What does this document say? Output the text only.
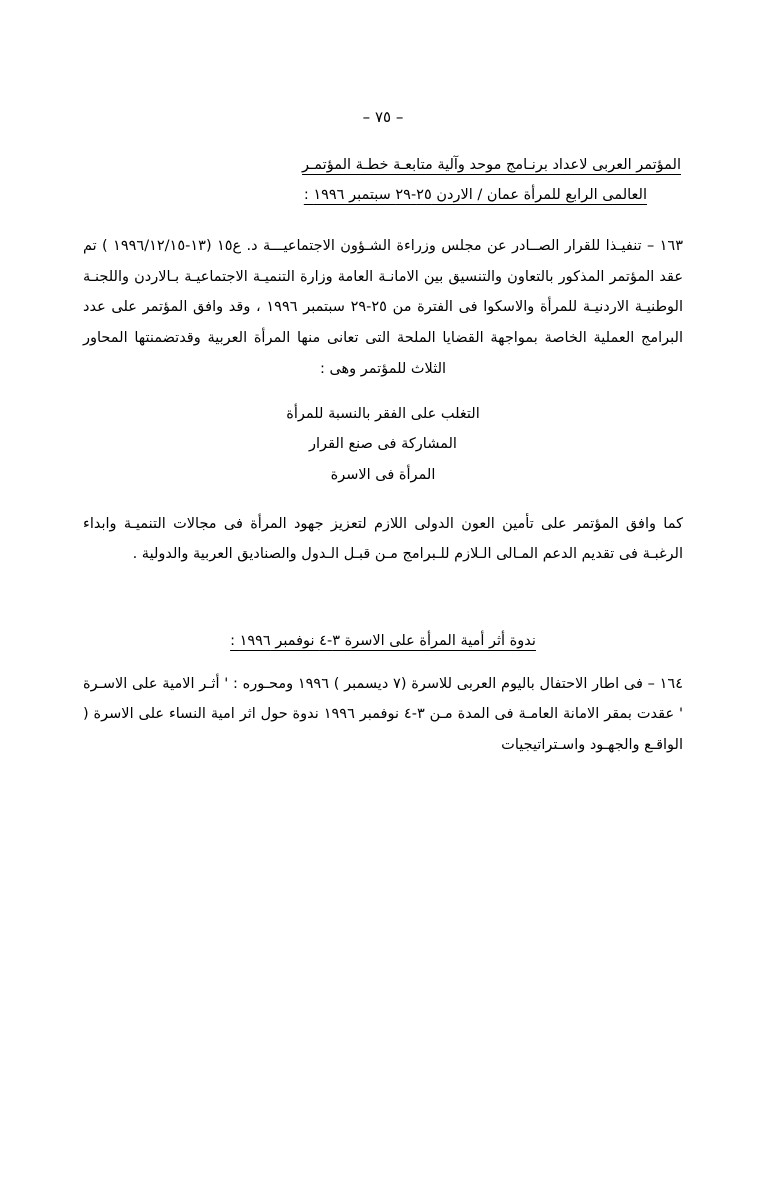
– ٧٥ –
المؤتمر العربى لاعداد برنـامج موحد وآلية متابعـة خطـة المؤتمـر
العالمى الرابع للمرأة عمان / الاردن ٢٥-٢٩ سبتمبر ١٩٩٦ :
١٦٣ – تنفيـذا للقرار الصــادر عن مجلس وزراءة الشـؤون الاجتماعيـــة د. ع١٥ (١٣-١٩٩٦/١٢/١٥ ) تم عقد المؤتمر المذكور بالتعاون والتنسيق بين الامانـة العامة وزارة التنميـة الاجتماعيـة بـالاردن واللجنـة الوطنيـة الاردنيـة للمرأة والاسكوا فى الفترة من ٢٥-٢٩ سبتمبر ١٩٩٦ ، وقد وافق المؤتمر على عدد البرامج العملية الخاصة بمواجهة القضايا الملحة التى تعانى منها المرأة العربية وقدتضمنتها المحاور الثلاث للمؤتمر وهى :
التغلب على الفقر بالنسبة للمرأة
المشاركة فى صنع القرار
المرأة فى الاسرة
كما وافق المؤتمر على تأمين العون الدولى اللازم لتعزيز جهود المرأة فى مجالات التنميـة وابداء الرغبـة فى تقديم الدعم المـالى الـلازم للـبرامج مـن قبـل الـدول والصناديق العربية والدولية .
ندوة أثر أمية المرأة على الاسرة ٣-٤ نوفمبر ١٩٩٦ :
١٦٤ – فى اطار الاحتفال باليوم العربى للاسرة (٧ ديسمبر ) ١٩٩٦ ومحـوره : ' أثـر الامية على الاسـرة ' عقدت بمقر الامانة العامـة فى المدة مـن ٣-٤ نوفمبر ١٩٩٦ ندوة حول اثر امية النساء على الاسرة ( الواقـع والجهـود واسـتراتيجيات
